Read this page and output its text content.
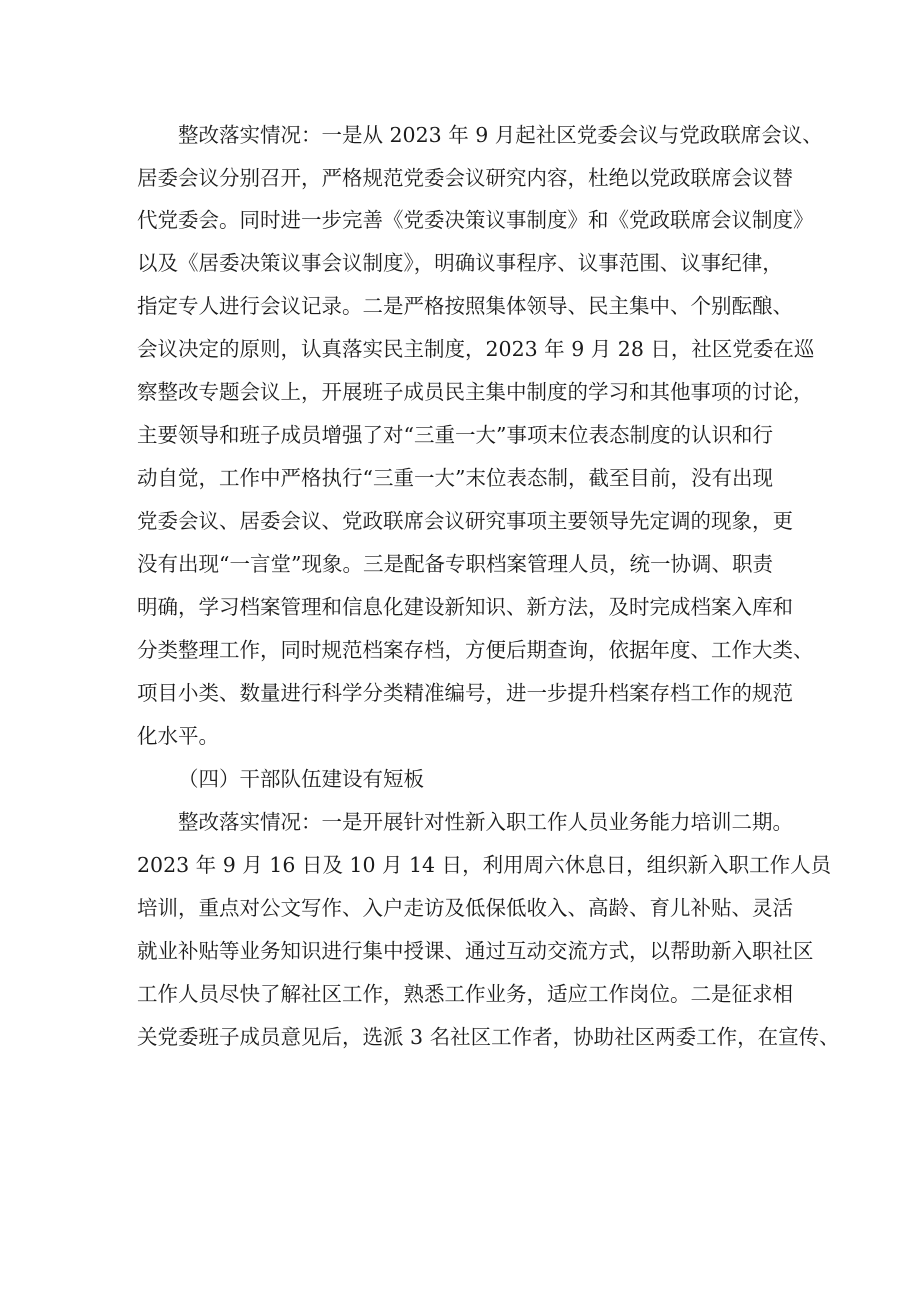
整改落实情况：一是从 2023 年 9 月起社区党委会议与党政联席会议、
居委会议分别召开，严格规范党委会议研究内容，杜绝以党政联席会议替
代党委会。同时进一步完善《党委决策议事制度》和《党政联席会议制度》
以及《居委决策议事会议制度》，明确议事程序、议事范围、议事纪律，
指定专人进行会议记录。二是严格按照集体领导、民主集中、个别酝酿、
会议决定的原则，认真落实民主制度，2023 年 9 月 28 日，社区党委在巡
察整改专题会议上，开展班子成员民主集中制度的学习和其他事项的讨论，
主要领导和班子成员增强了对“三重一大”事项末位表态制度的认识和行
动自觉，工作中严格执行“三重一大”末位表态制，截至目前，没有出现
党委会议、居委会议、党政联席会议研究事项主要领导先定调的现象，更
没有出现“一言堂”现象。三是配备专职档案管理人员，统一协调、职责
明确，学习档案管理和信息化建设新知识、新方法，及时完成档案入库和
分类整理工作，同时规范档案存档，方便后期查询，依据年度、工作大类、
项目小类、数量进行科学分类精准编号，进一步提升档案存档工作的规范
化水平。
（四）干部队伍建设有短板
整改落实情况：一是开展针对性新入职工作人员业务能力培训二期。
2023 年 9 月 16 日及 10 月 14 日，利用周六休息日，组织新入职工作人员
培训，重点对公文写作、入户走访及低保低收入、高龄、育儿补贴、灵活
就业补贴等业务知识进行集中授课、通过互动交流方式，以帮助新入职社区
工作人员尽快了解社区工作，熟悉工作业务，适应工作岗位。二是征求相
关党委班子成员意见后，选派 3 名社区工作者，协助社区两委工作，在宣传、
